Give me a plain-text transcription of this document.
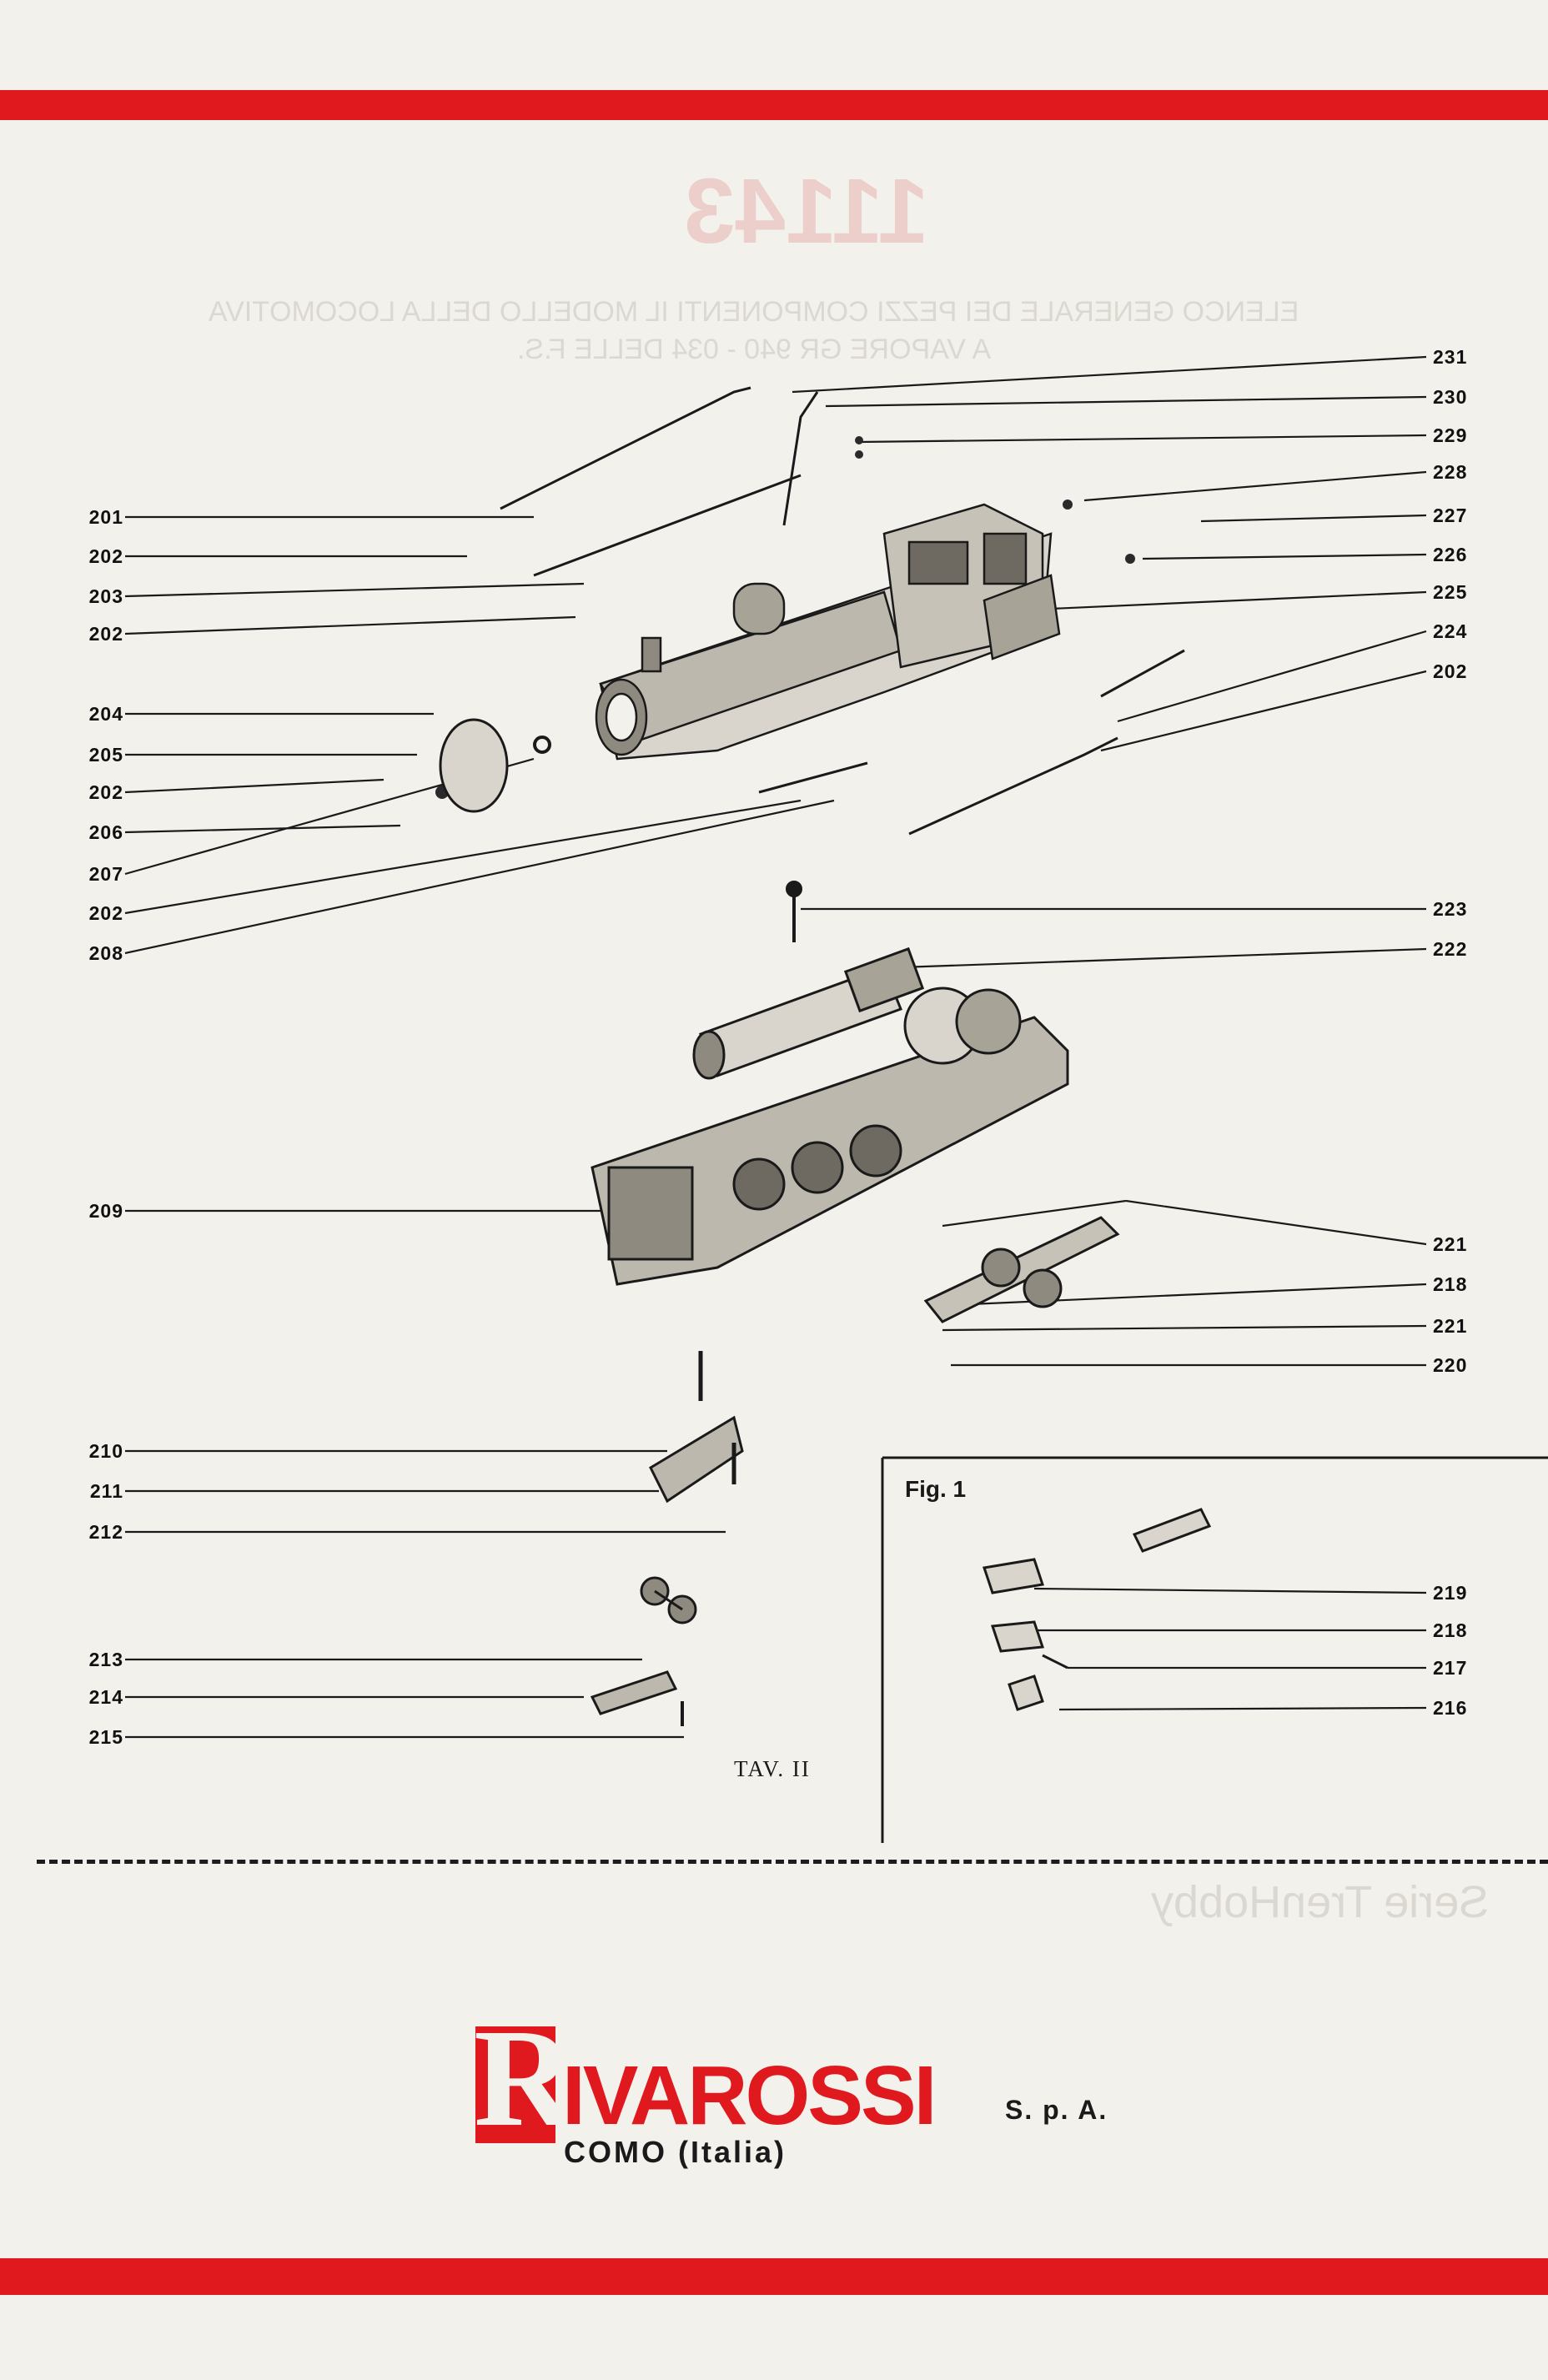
11143
ELENCO GENERALE DEI PEZZI COMPONENTI IL MODELLO DELLA LOCOMOTIVA
A VAPORE GR 940 - 034 DELLE F.S.
Serie TrenHobby
201
202
203
202
204
205
202
206
207
202
208
209
210
211
212
213
214
215
231
230
229
228
227
226
225
224
202
223
222
221
218
221
220
Fig. 1
219
218
217
216
TAV. II
R
IVAROSSI	S. p. A.
COMO (Italia)
